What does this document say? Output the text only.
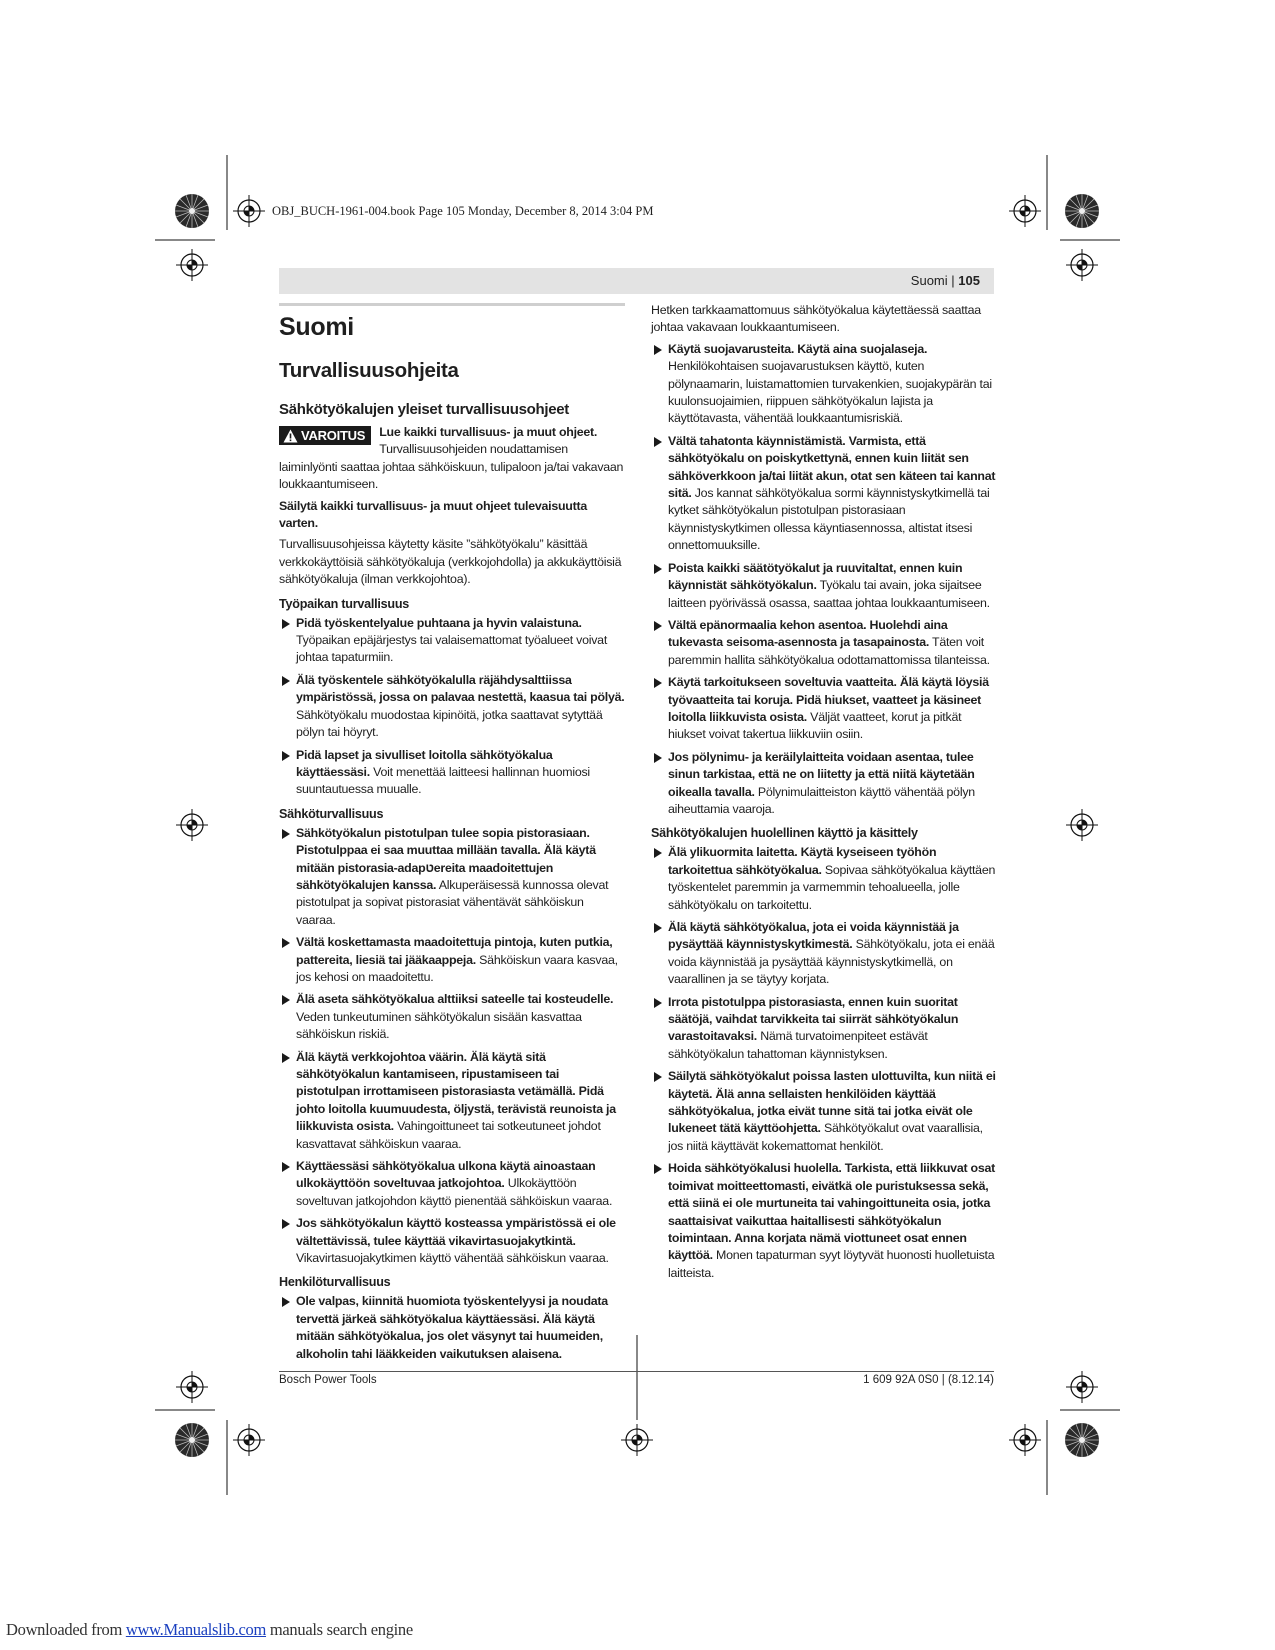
OBJ_BUCH-1961-004.book Page 105 Monday, December 8, 2014 3:04 PM
Suomi | 105
Suomi
Turvallisuusohjeita
Sähkötyökalujen yleiset turvallisuusohjeet
VAROITUS Lue kaikki turvallisuus- ja muut ohjeet. Turvallisuusohjeiden noudattamisen laiminlyönti saattaa johtaa sähköiskuun, tulipaloon ja/tai vakavaan loukkaantumiseen.

Säilytä kaikki turvallisuus- ja muut ohjeet tulevaisuutta varten.

Turvallisuusohjeissa käytetty käsite ”sähkötyökalu” käsittää verkkokäyttöisiä sähkötyökaluja (verkkojohdolla) ja akkukäyttöisiä sähkötyökaluja (ilman verkkojohtoa).

Työpaikan turvallisuus
Pidä työskentelyalue puhtaana ja hyvin valaistuna. Työpaikan epäjärjestys tai valaisemattomat työalueet voivat johtaa tapaturmiin.
Älä työskentele sähkötyökalulla räjähdysalttiissa ympäristössä, jossa on palavaa nestettä, kaasua tai pölyä. Sähkötyökalu muodostaa kipinöitä, jotka saattavat sytyttää pölyn tai höyryt.
Pidä lapset ja sivulliset loitolla sähkötyökalua käyttäessäsi. Voit menettää laitteesi hallinnan huomiosi suuntautuessa muualle.
Sähköturvallisuus
Sähkötyökalun pistotulpan tulee sopia pistorasiaan. Pistotulppaa ei saa muuttaa millään tavalla. Älä käytä mitään pistorasia-adapטereita maadoitettujen sähkötyökalujen kanssa. Alkuperäisessä kunnossa olevat pistotulpat ja sopivat pistorasiat vähentävät sähköiskun vaaraa.
Vältä koskettamasta maadoitettuja pintoja, kuten putkia, pattereita, liesiä tai jääkaappeja. Sähköiskun vaara kasvaa, jos kehosi on maadoitettu.
Älä aseta sähkötyökalua alttiiksi sateelle tai kosteudelle. Veden tunkeutuminen sähkötyökalun sisään kasvattaa sähköiskun riskiä.
Älä käytä verkkojohtoa väärin. Älä käytä sitä sähkötyökalun kantamiseen, ripustamiseen tai pistotulpan irrottamiseen pistorasiasta vetämällä. Pidä johto loitolla kuumuudesta, öljystä, terävistä reunoista ja liikkuvista osista. Vahingoittuneet tai sotkeutuneet johdot kasvattavat sähköiskun vaaraa.
Käyttäessäsi sähkötyökalua ulkona käytä ainoastaan ulkokäyttöön soveltuvaa jatkojohtoa. Ulkokäyttöön soveltuvan jatkojohdon käyttö pienentää sähköiskun vaaraa.
Jos sähkötyökalun käyttö kosteassa ympäristössä ei ole vältettävissä, tulee käyttää vikavirtasuojakytkintä. Vikavirtasuojakytkimen käyttö vähentää sähköiskun vaaraa.
Henkilöturvallisuus
Ole valpas, kiinnitä huomiota työskentelyysi ja noudata tervettä järkeä sähkötyökalua käyttäessäsi. Älä käytä mitään sähkötyökalua, jos olet väsynyt tai huumeiden, alkoholin tahi lääkkeiden vaikutuksen alaisena.

Hetken tarkkaamattomuus sähkötyökalua käytettäessä saattaa johtaa vakavaan loukkaantumiseen.

Käytä suojavarusteita. Käytä aina suojalaseja. Henkilökohtaisen suojavarustuksen käyttö, kuten pölynaamarin, luistamattomien turvakenkien, suojakypärän tai kuulonsuojaimien, riippuen sähkötyökalun lajista ja käyttötavasta, vähentää loukkaantumisriskiä.
Vältä tahatonta käynnistämistä. Varmista, että sähkötyökalu on poiskytkettynä, ennen kuin liität sen sähköverkkoon ja/tai liität akun, otat sen käteen tai kannat sitä. Jos kannat sähkötyökalua sormi käynnistyskytkimellä tai kytket sähkötyökalun pistotulpan pistorasiaan käynnistyskytkimen ollessa käyntiasennossa, altistat itsesi onnettomuuksille.
Poista kaikki säätötyökalut ja ruuvitaltat, ennen kuin käynnistät sähkötyökalun. Työkalu tai avain, joka sijaitsee laitteen pyörivässä osassa, saattaa johtaa loukkaantumiseen.
Vältä epänormaalia kehon asentoa. Huolehdi aina tukevasta seisoma-asennosta ja tasapainosta. Täten voit paremmin hallita sähkötyökalua odottamattomissa tilanteissa.
Käytä tarkoitukseen soveltuvia vaatteita. Älä käytä löysiä työvaatteita tai koruja. Pidä hiukset, vaatteet ja käsineet loitolla liikkuvista osista. Väljät vaatteet, korut ja pitkät hiukset voivat takertua liikkuviin osiin.
Jos pölynimu- ja keräilylaitteita voidaan asentaa, tulee sinun tarkistaa, että ne on liitetty ja että niitä käytetään oikealla tavalla. Pölynimulaitteiston käyttö vähentää pölyn aiheuttamia vaaroja.
Sähkötyökalujen huolellinen käyttö ja käsittely
Älä ylikuormita laitetta. Käytä kyseiseen työhön tarkoitettua sähkötyökalua. Sopivaa sähkötyökalua käyttäen työskentelet paremmin ja varmemmin tehoalueella, jolle sähkötyökalu on tarkoitettu.
Älä käytä sähkötyökalua, jota ei voida käynnistää ja pysäyttää käynnistyskytkimestä. Sähkötyökalu, jota ei enää voida käynnistää ja pysäyttää käynnistyskytkimellä, on vaarallinen ja se täytyy korjata.
Irrota pistotulppa pistorasiasta, ennen kuin suoritat säätöjä, vaihdat tarvikkeita tai siirrät sähkötyökalun varastoitavaksi. Nämä turvatoimenpiteet estävät sähkötyökalun tahattoman käynnistyksen.
Säilytä sähkötyökalut poissa lasten ulottuvilta, kun niitä ei käytetä. Älä anna sellaisten henkilöiden käyttää sähkötyökalua, jotka eivät tunne sitä tai jotka eivät ole lukeneet tätä käyttöohjetta. Sähkötyökalut ovat vaarallisia, jos niitä käyttävät kokemattomat henkilöt.
Hoida sähkötyökalusi huolella. Tarkista, että liikkuvat osat toimivat moitteettomasti, eivätkä ole puristuksessa sekä, että siinä ei ole murtuneita tai vahingoittuneita osia, jotka saattaisivat vaikuttaa haitallisesti sähkötyökalun toimintaan. Anna korjata nämä viottuneet osat ennen käyttöä. Monen tapaturman syyt löytyvät huonosti huolletuista laitteista.
Bosch Power Tools	1 609 92A 0S0 | (8.12.14)
Downloaded from www.Manualslib.com manuals search engine
